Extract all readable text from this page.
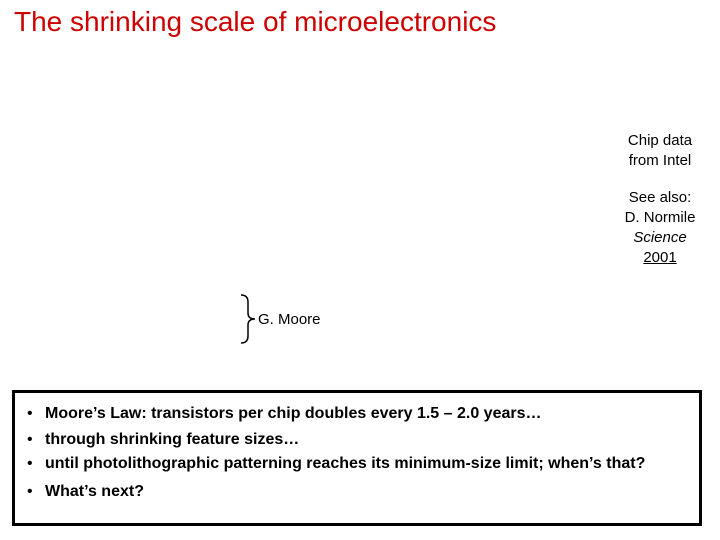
The shrinking scale of microelectronics
Chip data
from Intel
See also:
D. Normile
Science
2001
G. Moore
• Moore’s Law: transistors per chip doubles every 1.5 – 2.0 years…
• through shrinking feature sizes…
• until photolithographic patterning reaches its minimum-size limit; when’s that?
• What’s next?
